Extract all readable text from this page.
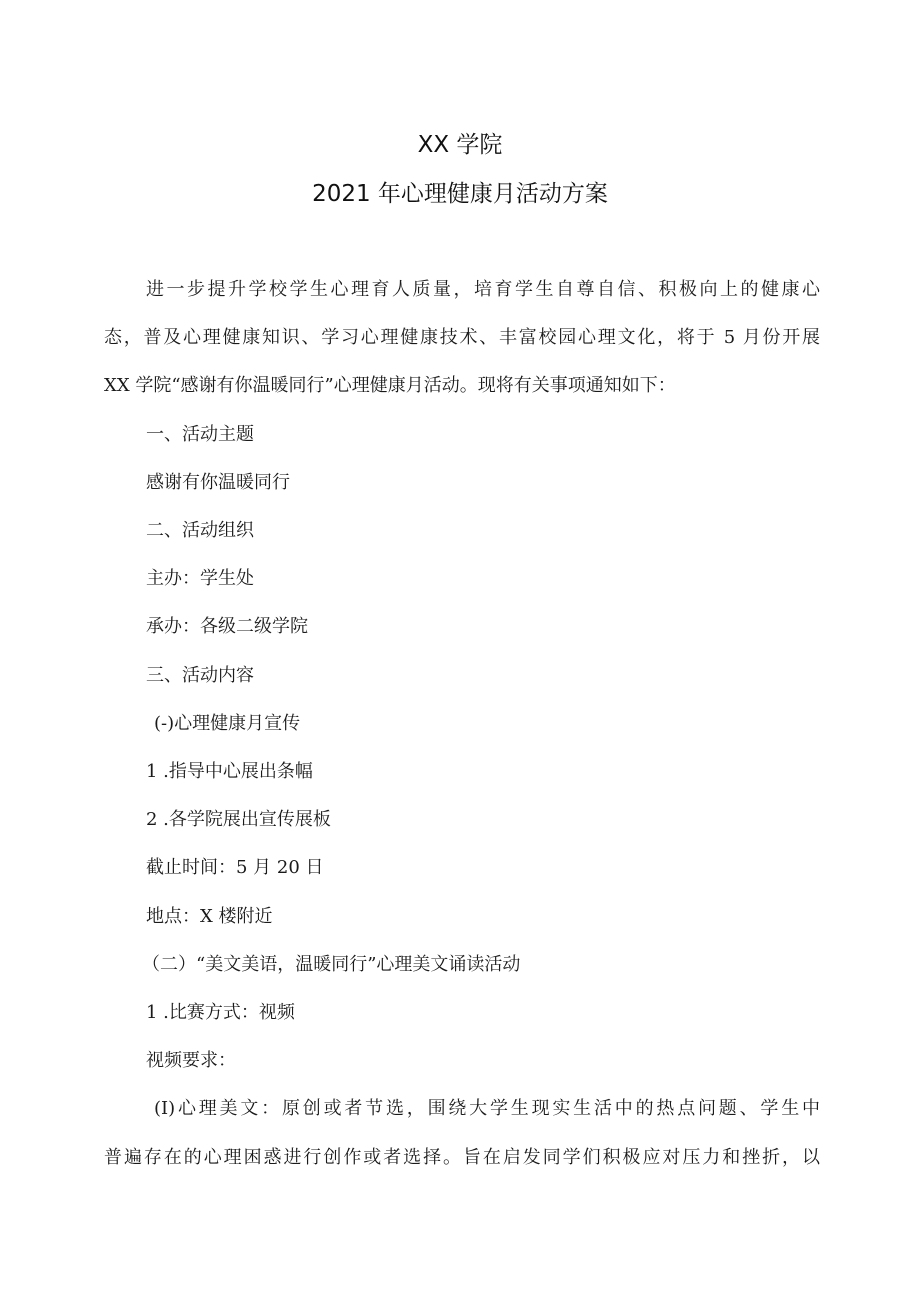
XX 学院
2021 年心理健康月活动方案

进一步提升学校学生心理育人质量，培育学生自尊自信、积极向上的健康心

态，普及心理健康知识、学习心理健康技术、丰富校园心理文化，将于 5 月份开展

XX 学院“感谢有你温暖同行”心理健康月活动。现将有关事项通知如下：

一、活动主题

感谢有你温暖同行

二、活动组织

主办：学生处

承办：各级二级学院

三、活动内容

(-)心理健康月宣传

1 .指导中心展出条幅

2 .各学院展出宣传展板

截止时间：5 月 20 日

地点：X 楼附近

（二）“美文美语，温暖同行”心理美文诵读活动

1 .比赛方式：视频

视频要求：

(I)心理美文：原创或者节选，围绕大学生现实生活中的热点问题、学生中

普遍存在的心理困惑进行创作或者选择。旨在启发同学们积极应对压力和挫折，以
